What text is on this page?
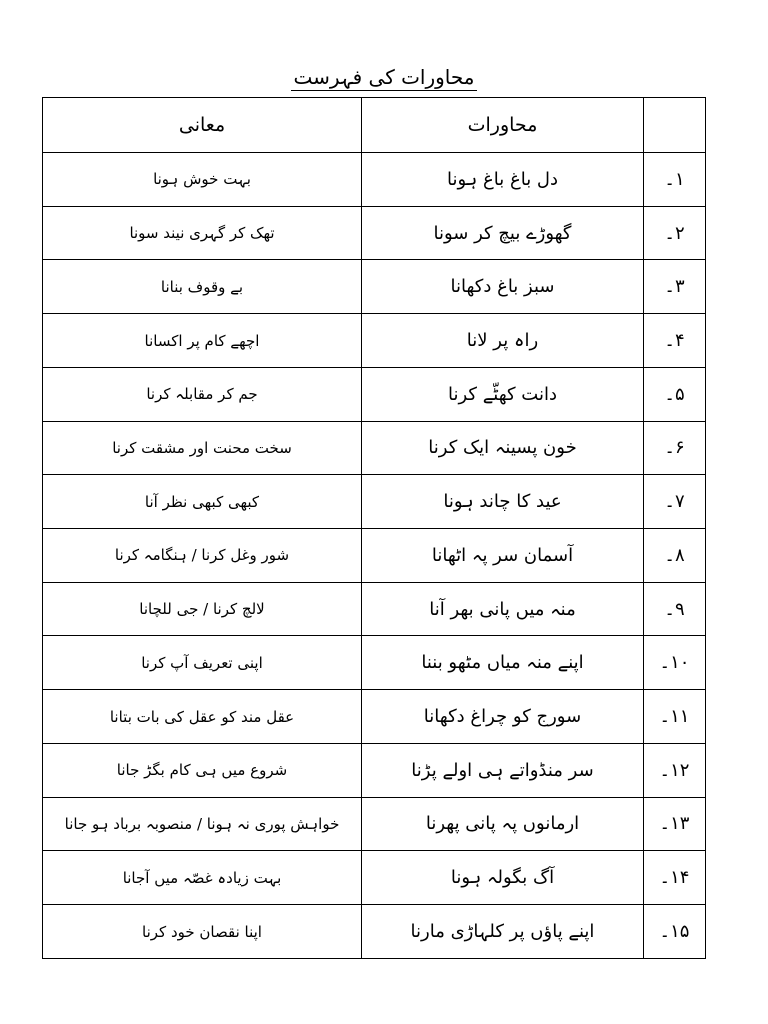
محاورات کی فہرست
	محاورات	معانی
۱۔	دل باغ باغ ہونا	بہت خوش ہونا
۲۔	گھوڑے بیچ کر سونا	تھک کر گہری نیند سونا
۳۔	سبز باغ دکھانا	بے وقوف بنانا
۴۔	راہ پر لانا	اچھے کام پر اکسانا
۵۔	دانت کھٹّے کرنا	جم کر مقابلہ کرنا
۶۔	خون پسینہ ایک کرنا	سخت محنت اور مشقت کرنا
۷۔	عید کا چاند ہونا	کبھی کبھی نظر آنا
۸۔	آسمان سر پہ اٹھانا	شور وغل کرنا / ہنگامہ کرنا
۹۔	منہ میں پانی بھر آنا	لالچ کرنا / جی للچانا
۱۰۔	اپنے منہ میاں مٹھو بننا	اپنی تعریف آپ کرنا
۱۱۔	سورج کو چراغ دکھانا	عقل مند کو عقل کی بات بتانا
۱۲۔	سر منڈواتے ہی اولے پڑنا	شروع میں ہی کام بگڑ جانا
۱۳۔	ارمانوں پہ پانی پھرنا	خواہش پوری نہ ہونا / منصوبہ برباد ہو جانا
۱۴۔	آگ بگولہ ہونا	بہت زیادہ غصّہ میں آجانا
۱۵۔	اپنے پاؤں پر کلہاڑی مارنا	اپنا نقصان خود کرنا
